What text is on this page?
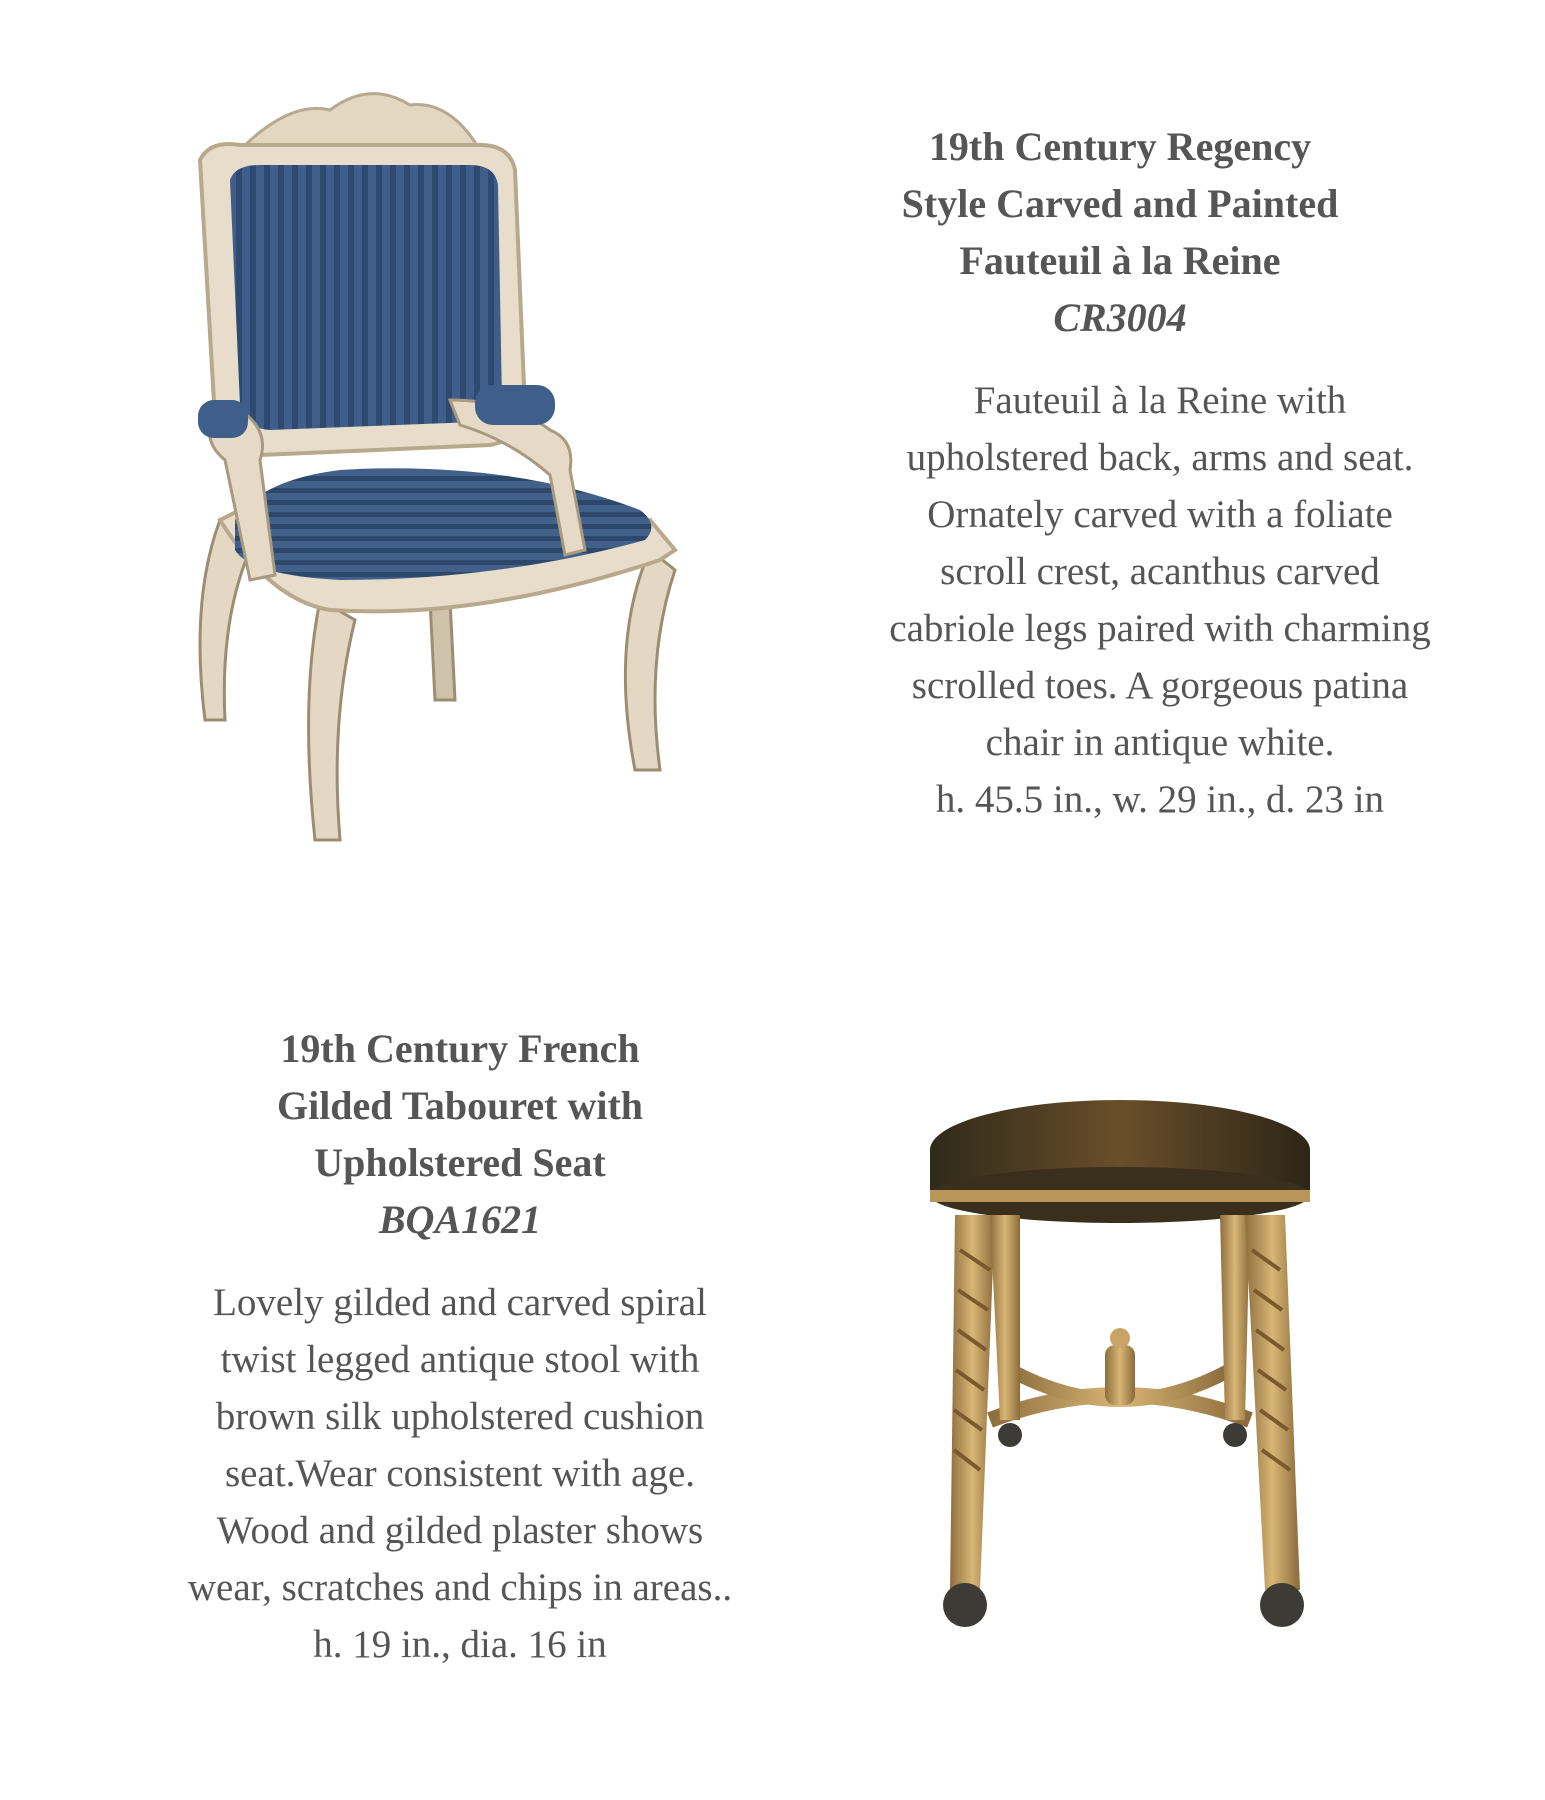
19th Century Regency

Style Carved and Painted

Fauteuil à la Reine

CR3004

Fauteuil à la Reine with
upholstered back, arms and seat.
Ornately carved with a foliate
scroll crest, acanthus carved
cabriole legs paired with charming
scrolled toes. A gorgeous patina
chair in antique white.

h. 45.5 in., w. 29 in., d. 23 in

19th Century French

Gilded Tabouret with

Upholstered Seat

BQA1621

Lovely gilded and carved spiral
twist legged antique stool with
brown silk upholstered cushion
seat.Wear consistent with age.
Wood and gilded plaster shows
wear, scratches and chips in areas..

h. 19 in., dia. 16 in
